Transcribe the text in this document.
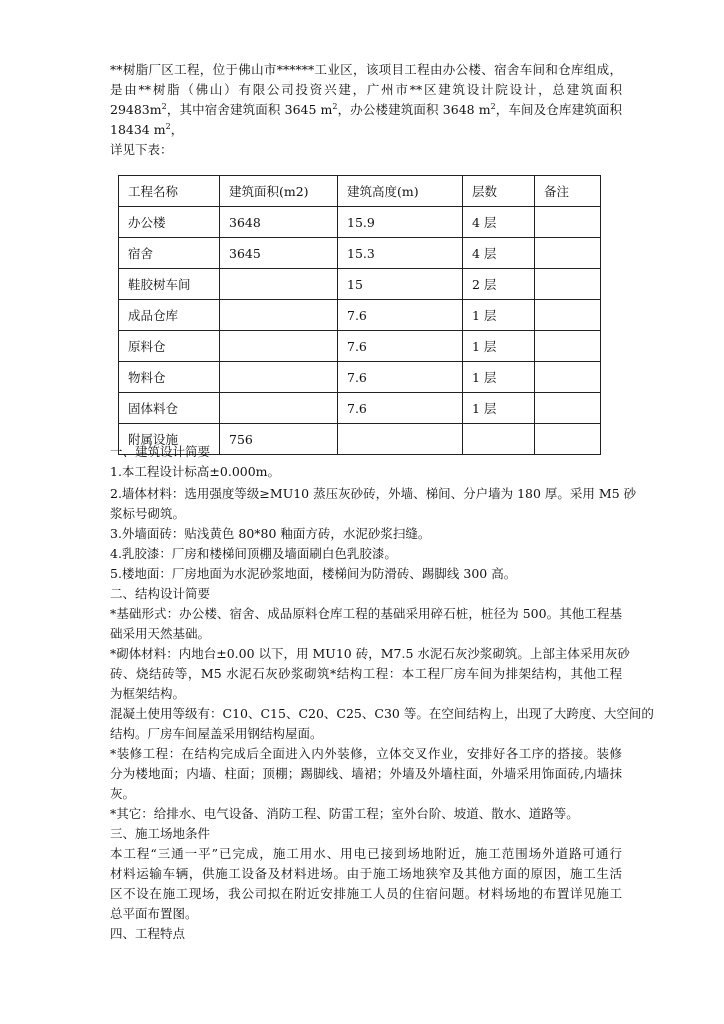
**树脂厂区工程，位于佛山市******工业区，该项目工程由办公楼、宿舍车间和仓库组成，
是由**树脂（佛山）有限公司投资兴建，广州市**区建筑设计院设计，总建筑面积
$29483m^2$，其中宿舍建筑面积 3645 $m^2$，办公楼建筑面积 3648 $m^2$，车间及仓库建筑面积
18434 $m^2$，
详见下表：
工程名称	建筑面积(m2)	建筑高度(m)	层数	备注
办公楼	3648	15.9	4 层	
宿舍	3645	15.3	4 层	
鞋胶树车间		15	2 层	
成品仓库		7.6	1 层	
原料仓		7.6	1 层	
物料仓		7.6	1 层	
固体料仓		7.6	1 层	
附属设施	756			
一、建筑设计简要
1.本工程设计标高±0.000m。
2.墙体材料：选用强度等级≥MU10 蒸压灰砂砖，外墙、梯间、分户墙为 180 厚。采用 M5 砂
浆标号砌筑。
3.外墙面砖：贴浅黄色 80*80 釉面方砖，水泥砂浆扫缝。
4.乳胶漆：厂房和楼梯间顶棚及墙面刷白色乳胶漆。
5.楼地面：厂房地面为水泥砂浆地面，楼梯间为防滑砖、踢脚线 300 高。
二、结构设计简要
*基础形式：办公楼、宿舍、成品原料仓库工程的基础采用碎石桩，桩径为 500。其他工程基
础采用天然基础。
*砌体材料：内地台±0.00 以下，用 MU10 砖，M7.5 水泥石灰沙浆砌筑。上部主体采用灰砂
砖、烧结砖等，M5 水泥石灰砂浆砌筑*结构工程：本工程厂房车间为排架结构，其他工程
为框架结构。
混凝土使用等级有：C10、C15、C20、C25、C30 等。在空间结构上，出现了大跨度、大空间的
结构。厂房车间屋盖采用钢结构屋面。
*装修工程：在结构完成后全面进入内外装修，立体交叉作业，安排好各工序的搭接。装修
分为楼地面；内墙、柱面；顶棚；踢脚线、墙裙；外墙及外墙柱面，外墙采用饰面砖,内墙抹
灰。
*其它：给排水、电气设备、消防工程、防雷工程；室外台阶、坡道、散水、道路等。
三、施工场地条件
本工程“三通一平”已完成，施工用水、用电已接到场地附近，施工范围场外道路可通行
材料运输车辆，供施工设备及材料进场。由于施工场地狭窄及其他方面的原因，施工生活
区不设在施工现场，我公司拟在附近安排施工人员的住宿问题。材料场地的布置详见施工
总平面布置图。
四、工程特点
